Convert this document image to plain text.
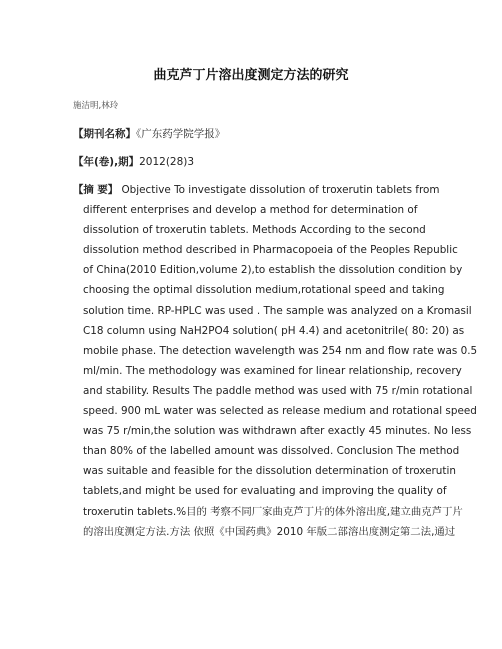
曲克芦丁片溶出度测定方法的研究
施洁明,林玲
【期刊名称】《广东药学院学报》
【年(卷),期】2012(28)3
【摘 要】 Objective To investigate dissolution of troxerutin tablets from
different enterprises and develop a method for determination of
dissolution of troxerutin tablets. Methods According to the second
dissolution method described in Pharmacopoeia of the Peoples Republic
of China(2010 Edition,volume 2),to establish the dissolution condition by
choosing the optimal dissolution medium,rotational speed and taking
solution time. RP-HPLC was used . The sample was analyzed on a Kromasil
C18 column using NaH2PO4 solution( pH 4.4) and acetonitrile( 80: 20) as
mobile phase. The detection wavelength was 254 nm and flow rate was 0.5
ml/min. The methodology was examined for linear relationship, recovery
and stability. Results The paddle method was used with 75 r/min rotational
speed. 900 mL water was selected as release medium and rotational speed
was 75 r/min,the solution was withdrawn after exactly 45 minutes. No less
than 80% of the labelled amount was dissolved. Conclusion The method
was suitable and feasible for the dissolution determination of troxerutin
tablets,and might be used for evaluating and improving the quality of
troxerutin tablets.%目的 考察不同厂家曲克芦丁片的体外溶出度,建立曲克芦丁片
的溶出度测定方法.方法 依照《中国药典》2010 年版二部溶出度测定第二法,通过
